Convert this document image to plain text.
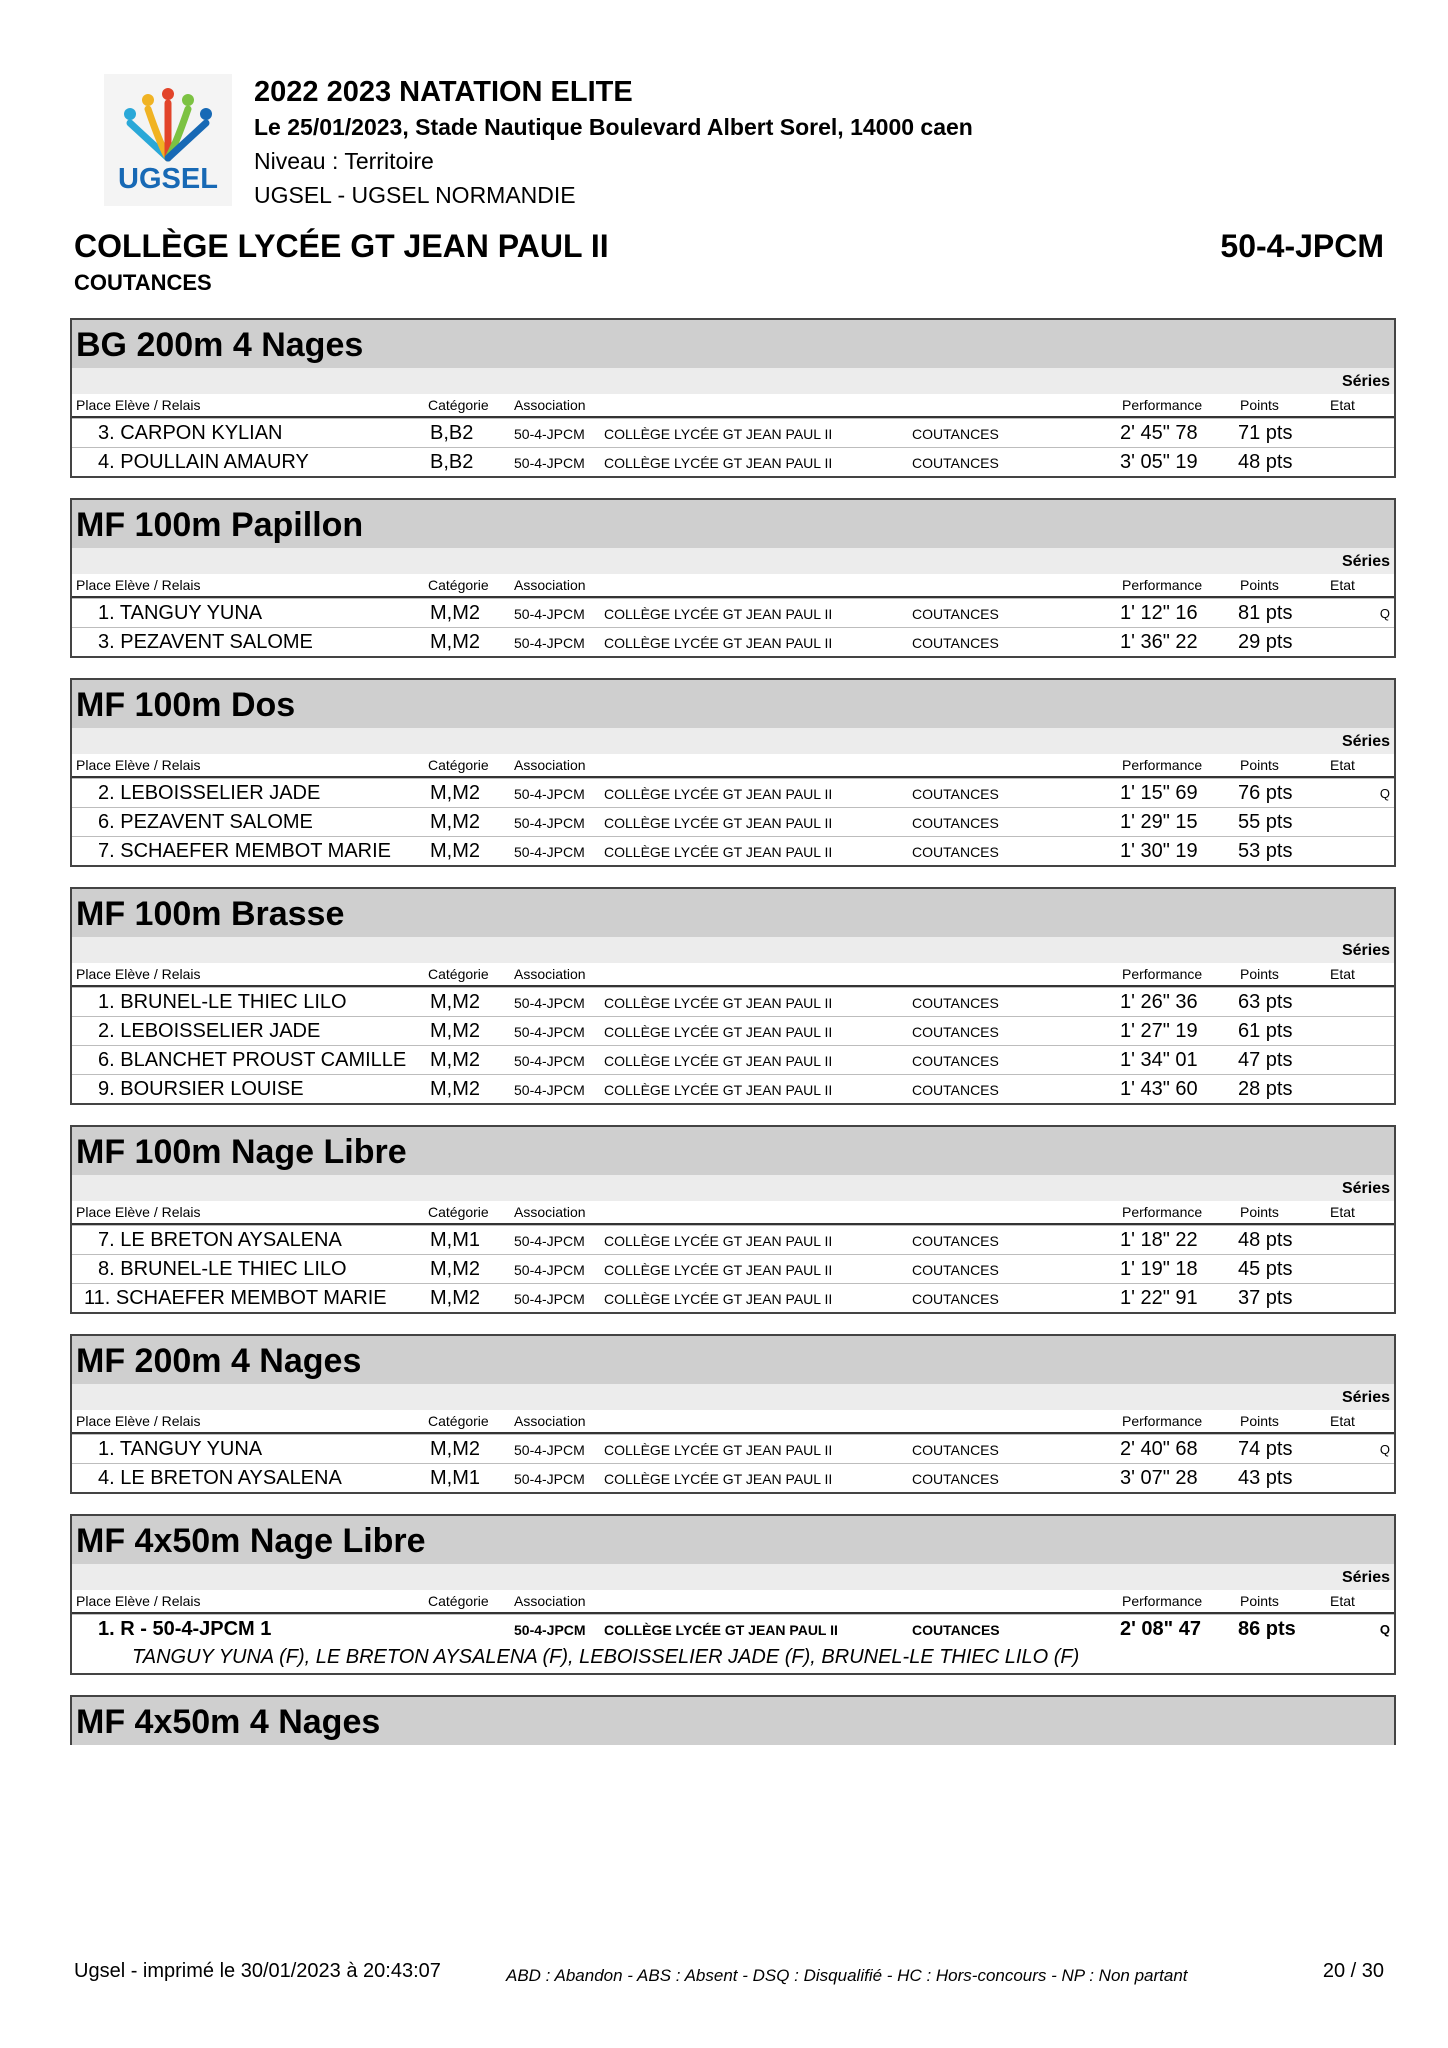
UGSEL
2022 2023 NATATION ELITE
Le 25/01/2023, Stade Nautique Boulevard Albert Sorel, 14000 caen
Niveau : Territoire
UGSEL - UGSEL NORMANDIE
COLLÈGE LYCÉE GT JEAN PAUL II
COUTANCES
50-4-JPCM
BG 200m 4 Nages
Séries
Place Elève / Relais	Catégorie Association	Performance	Points	Etat
3. CARPON KYLIAN	B,B2	50-4-JPCM COLLÈGE LYCÉE GT JEAN PAUL II	COUTANCES	2' 45" 78 71 pts
4. POULLAIN AMAURY	B,B2	50-4-JPCM COLLÈGE LYCÉE GT JEAN PAUL II	COUTANCES	3' 05" 19 48 pts
MF 100m Papillon
Séries
Place Elève / Relais	Catégorie Association	Performance	Points	Etat
1. TANGUY YUNA	M,M2 50-4-JPCM COLLÈGE LYCÉE GT JEAN PAUL II	COUTANCES	1' 12" 16 81 pts	Q
3. PEZAVENT SALOME	M,M2 50-4-JPCM COLLÈGE LYCÉE GT JEAN PAUL II	COUTANCES	1' 36" 22 29 pts
MF 100m Dos
Séries
Place Elève / Relais	Catégorie Association	Performance	Points	Etat
2. LEBOISSELIER JADE	M,M2 50-4-JPCM COLLÈGE LYCÉE GT JEAN PAUL II	COUTANCES	1' 15" 69 76 pts	Q
6. PEZAVENT SALOME	M,M2 50-4-JPCM COLLÈGE LYCÉE GT JEAN PAUL II	COUTANCES	1' 29" 15 55 pts
7. SCHAEFER MEMBOT MARIE M,M2 50-4-JPCM COLLÈGE LYCÉE GT JEAN PAUL II	COUTANCES	1' 30" 19 53 pts
MF 100m Brasse
Séries
Place Elève / Relais	Catégorie Association	Performance	Points	Etat
1. BRUNEL-LE THIEC LILO	M,M2 50-4-JPCM COLLÈGE LYCÉE GT JEAN PAUL II	COUTANCES	1' 26" 36 63 pts
2. LEBOISSELIER JADE	M,M2 50-4-JPCM COLLÈGE LYCÉE GT JEAN PAUL II	COUTANCES	1' 27" 19 61 pts
6. BLANCHET PROUST CAMILLE M,M2 50-4-JPCM COLLÈGE LYCÉE GT JEAN PAUL II	COUTANCES	1' 34" 01 47 pts
9. BOURSIER LOUISE	M,M2 50-4-JPCM COLLÈGE LYCÉE GT JEAN PAUL II	COUTANCES	1' 43" 60 28 pts
MF 100m Nage Libre
Séries
Place Elève / Relais	Catégorie Association	Performance	Points	Etat
7. LE BRETON AYSALENA	M,M1 50-4-JPCM COLLÈGE LYCÉE GT JEAN PAUL II	COUTANCES	1' 18" 22 48 pts
8. BRUNEL-LE THIEC LILO	M,M2 50-4-JPCM COLLÈGE LYCÉE GT JEAN PAUL II	COUTANCES	1' 19" 18 45 pts
11. SCHAEFER MEMBOT MARIE M,M2 50-4-JPCM COLLÈGE LYCÉE GT JEAN PAUL II	COUTANCES	1' 22" 91 37 pts
MF 200m 4 Nages
Séries
Place Elève / Relais	Catégorie Association	Performance	Points	Etat
1. TANGUY YUNA	M,M2 50-4-JPCM COLLÈGE LYCÉE GT JEAN PAUL II	COUTANCES	2' 40" 68 74 pts	Q
4. LE BRETON AYSALENA	M,M1 50-4-JPCM COLLÈGE LYCÉE GT JEAN PAUL II	COUTANCES	3' 07" 28 43 pts
MF 4x50m Nage Libre
Séries
Place Elève / Relais	Catégorie Association	Performance	Points	Etat
1. R - 50-4-JPCM 1	50-4-JPCM COLLÈGE LYCÉE GT JEAN PAUL II	COUTANCES	2' 08" 47 86 pts	Q
TANGUY YUNA (F), LE BRETON AYSALENA (F), LEBOISSELIER JADE (F), BRUNEL-LE THIEC LILO (F)
MF 4x50m 4 Nages
Ugsel - imprimé le 30/01/2023 à 20:43:07	ABD : Abandon - ABS : Absent - DSQ : Disqualifié - HC : Hors-concours - NP : Non partant	20 / 30
